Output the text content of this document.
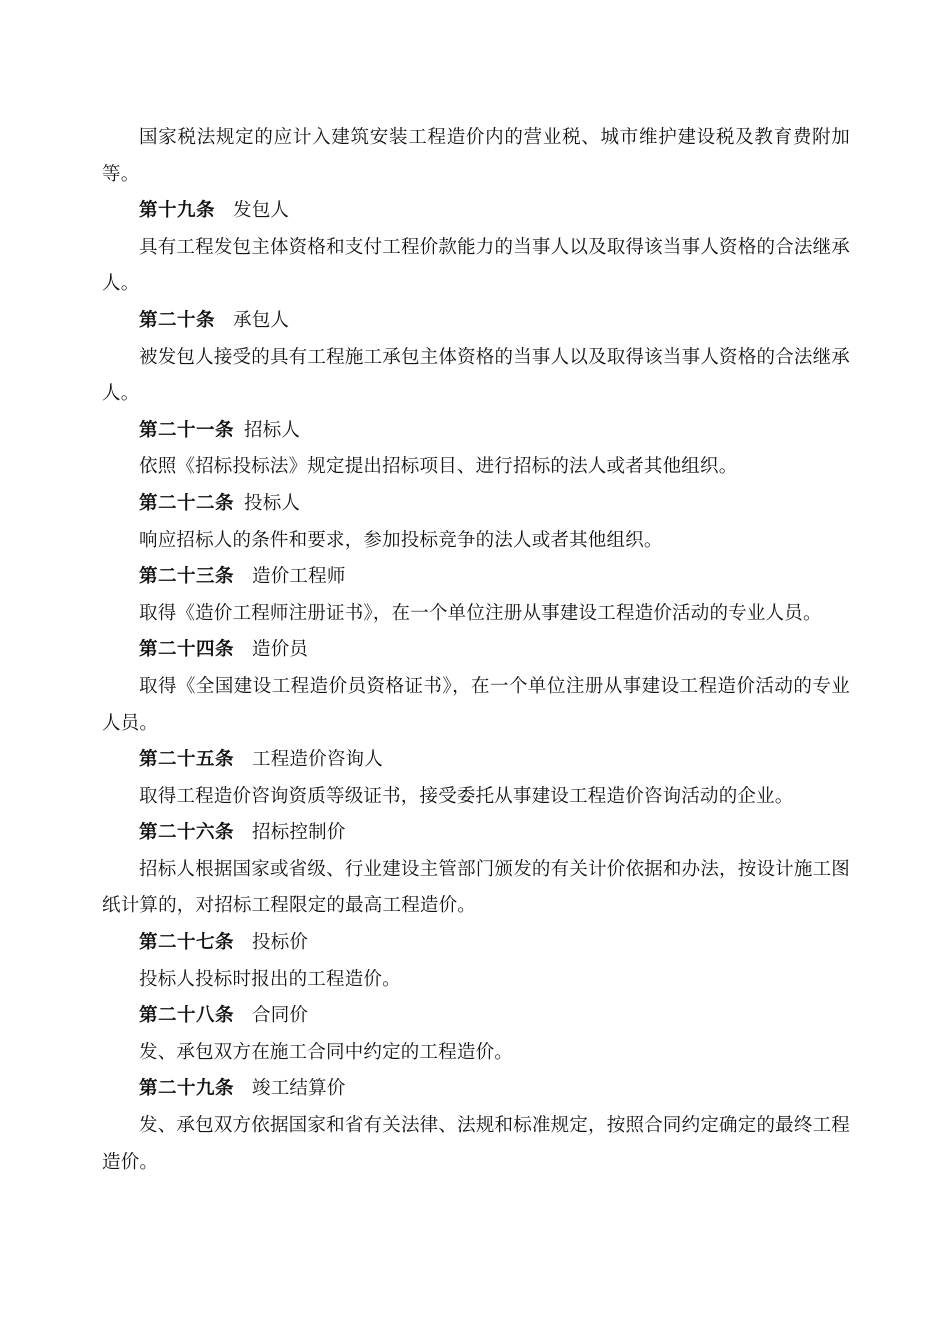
国家税法规定的应计入建筑安装工程造价内的营业税、城市维护建设税及教育费附加等。

第十九条 发包人

具有工程发包主体资格和支付工程价款能力的当事人以及取得该当事人资格的合法继承人。

第二十条 承包人

被发包人接受的具有工程施工承包主体资格的当事人以及取得该当事人资格的合法继承人。

第二十一条 招标人

依照《招标投标法》规定提出招标项目、进行招标的法人或者其他组织。

第二十二条 投标人

响应招标人的条件和要求，参加投标竞争的法人或者其他组织。

第二十三条 造价工程师

取得《造价工程师注册证书》，在一个单位注册从事建设工程造价活动的专业人员。

第二十四条 造价员

取得《全国建设工程造价员资格证书》，在一个单位注册从事建设工程造价活动的专业人员。

第二十五条 工程造价咨询人

取得工程造价咨询资质等级证书，接受委托从事建设工程造价咨询活动的企业。

第二十六条 招标控制价

招标人根据国家或省级、行业建设主管部门颁发的有关计价依据和办法，按设计施工图纸计算的，对招标工程限定的最高工程造价。

第二十七条 投标价

投标人投标时报出的工程造价。

第二十八条 合同价

发、承包双方在施工合同中约定的工程造价。

第二十九条 竣工结算价

发、承包双方依据国家和省有关法律、法规和标准规定，按照合同约定确定的最终工程造价。
